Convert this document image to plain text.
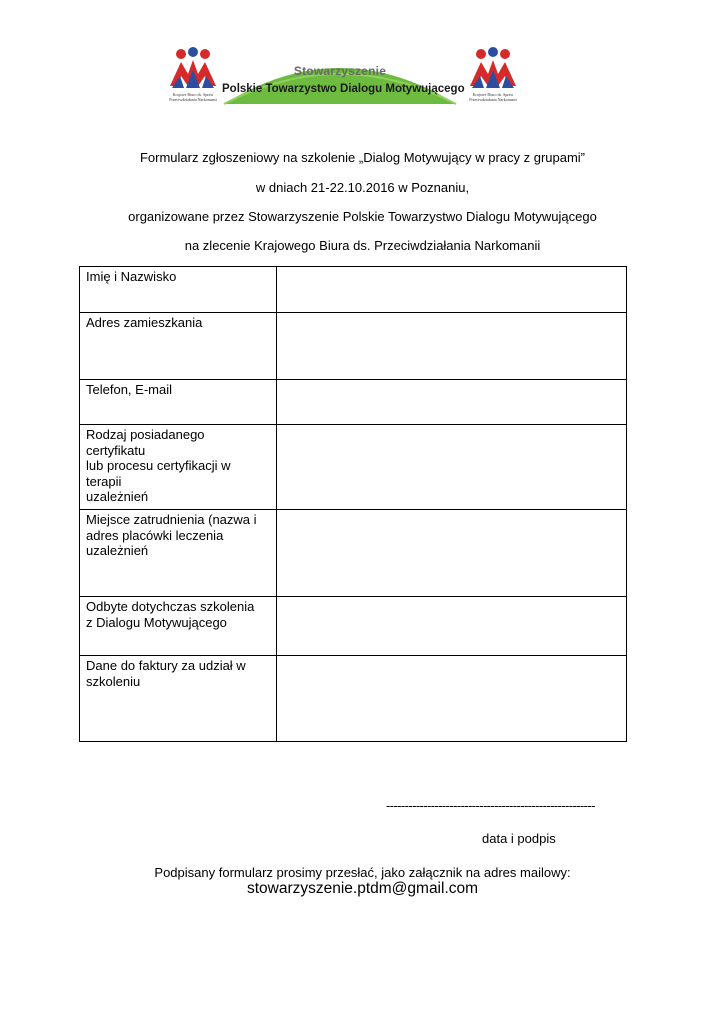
Krajowe Biuro ds. Spraw
Przeciwdziałania Narkomanii
Stowarzyszenie
Polskie Towarzystwo Dialogu Motywującego	Krajowe Biuro ds. Spraw
Przeciwdziałania Narkomanii
Formularz zgłoszeniowy na szkolenie „Dialog Motywujący w pracy z grupami”
w dniach 21-22.10.2016 w Poznaniu,
organizowane przez Stowarzyszenie Polskie Towarzystwo Dialogu Motywującego
na zlecenie Krajowego Biura ds. Przeciwdziałania Narkomanii
Imię i Nazwisko	

Adres zamieszkania	

Telefon, E-mail	

Rodzaj posiadanego
certyfikatu
lub procesu certyfikacji w
terapii
uzależnień	

Miejsce zatrudnienia (nazwa i
adres placówki leczenia
uzależnień	

Odbyte dotychczas szkolenia
z Dialogu Motywującego	

Dane do faktury za udział w
szkoleniu	

--------------------------------------------------------
data i podpis
Podpisany formularz prosimy przesłać, jako załącznik na adres mailowy:
stowarzyszenie.ptdm@gmail.com
